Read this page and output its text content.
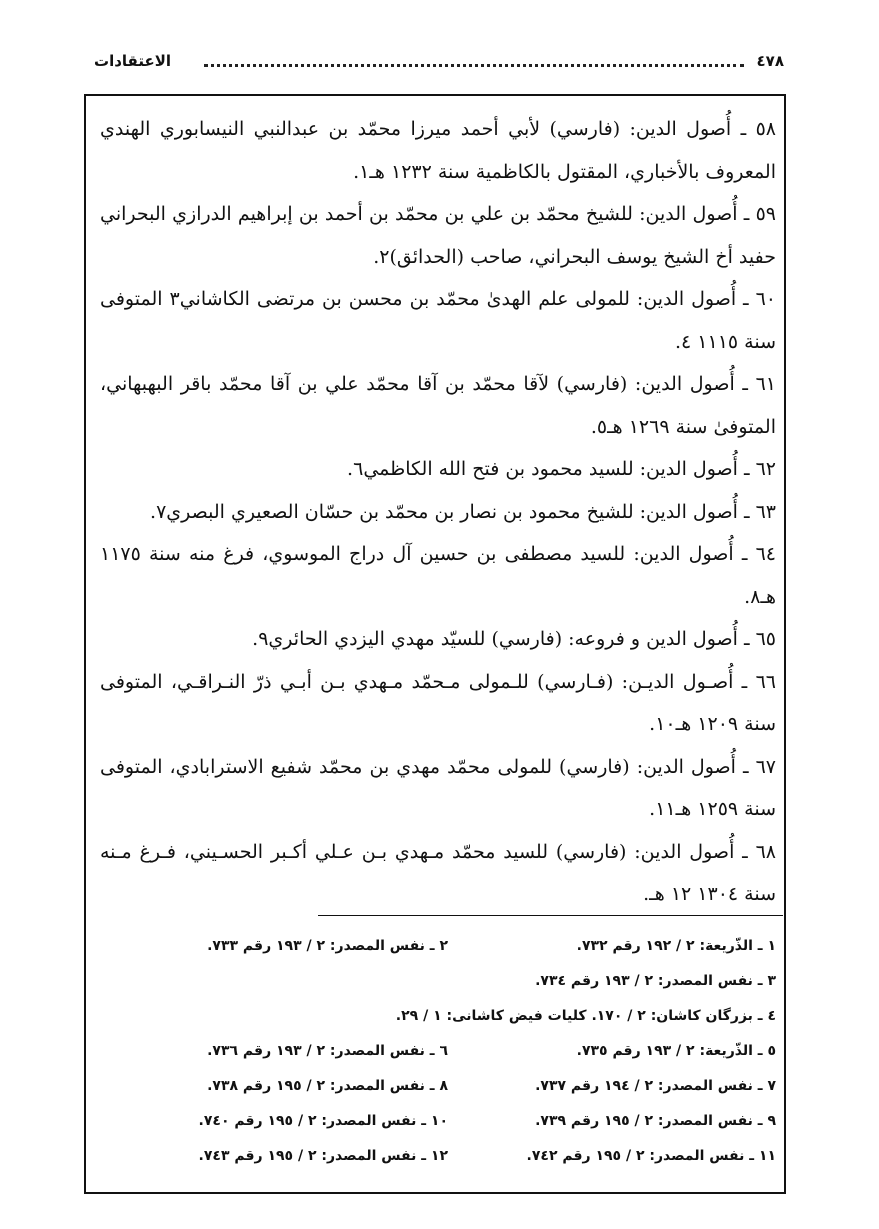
٤٧٨
الاعتقادات

٥٨ ـ أُصول الدين: (فارسي) لأبي أحمد ميرزا محمّد بن عبدالنبي النيسابوري الهندي المعروف بالأخباري، المقتول بالكاظمية سنة ١٢٣٢ هـ١.

٥٩ ـ أُصول الدين: للشيخ محمّد بن علي بن محمّد بن أحمد بن إبراهيم الدرازي البحراني حفيد أخ الشيخ يوسف البحراني، صاحب (الحدائق)٢.

٦٠ ـ أُصول الدين: للمولى علم الهدىٰ محمّد بن محسن بن مرتضى الكاشاني٣ المتوفى سنة ١١١٥ ٤.

٦١ ـ أُصول الدين: (فارسي) لآقا محمّد بن آقا محمّد علي بن آقا محمّد باقر البهبهاني، المتوفىٰ سنة ١٢٦٩ هـ٥.

٦٢ ـ أُصول الدين: للسيد محمود بن فتح الله الكاظمي٦.

٦٣ ـ أُصول الدين: للشيخ محمود بن نصار بن محمّد بن حسّان الصعيري البصري٧.

٦٤ ـ أُصول الدين: للسيد مصطفى بن حسين آل دراج الموسوي، فرغ منه سنة ١١٧٥ هـ٨.

٦٥ ـ أُصول الدين و فروعه: (فارسي) للسيّد مهدي اليزدي الحائري٩.

٦٦ ـ أُصـول الديـن: (فـارسي) للـمولى مـحمّد مـهدي بـن أبـي ذرّ النـراقـي، المتوفى سنة ١٢٠٩ هـ١٠.

٦٧ ـ أُصول الدين: (فارسي) للمولى محمّد مهدي بن محمّد شفيع الاسترابادي، المتوفى سنة ١٢٥٩ هـ١١.

٦٨ ـ أُصول الدين: (فارسي) للسيد محمّد مـهدي بـن عـلي أكـبر الحسـيني، فـرغ مـنه سنة ١٣٠٤ ١٢ هـ.

١ ـ الذّريعة: ٢ / ١٩٢ رقم ٧٣٢.
٢ ـ نفس المصدر: ٢ / ١٩٣ رقم ٧٣٣.
٣ ـ نفس المصدر: ٢ / ١٩٣ رقم ٧٣٤.
٤ ـ بزرگان كاشان: ٢ / ١٧٠. كليات فيض كاشانى: ١ / ٢٩.
٥ ـ الذّريعة: ٢ / ١٩٣ رقم ٧٣٥.
٦ ـ نفس المصدر: ٢ / ١٩٣ رقم ٧٣٦.
٧ ـ نفس المصدر: ٢ / ١٩٤ رقم ٧٣٧.
٨ ـ نفس المصدر: ٢ / ١٩٥ رقم ٧٣٨.
٩ ـ نفس المصدر: ٢ / ١٩٥ رقم ٧٣٩.
١٠ ـ نفس المصدر: ٢ / ١٩٥ رقم ٧٤٠.
١١ ـ نفس المصدر: ٢ / ١٩٥ رقم ٧٤٢.
١٢ ـ نفس المصدر: ٢ / ١٩٥ رقم ٧٤٣.
